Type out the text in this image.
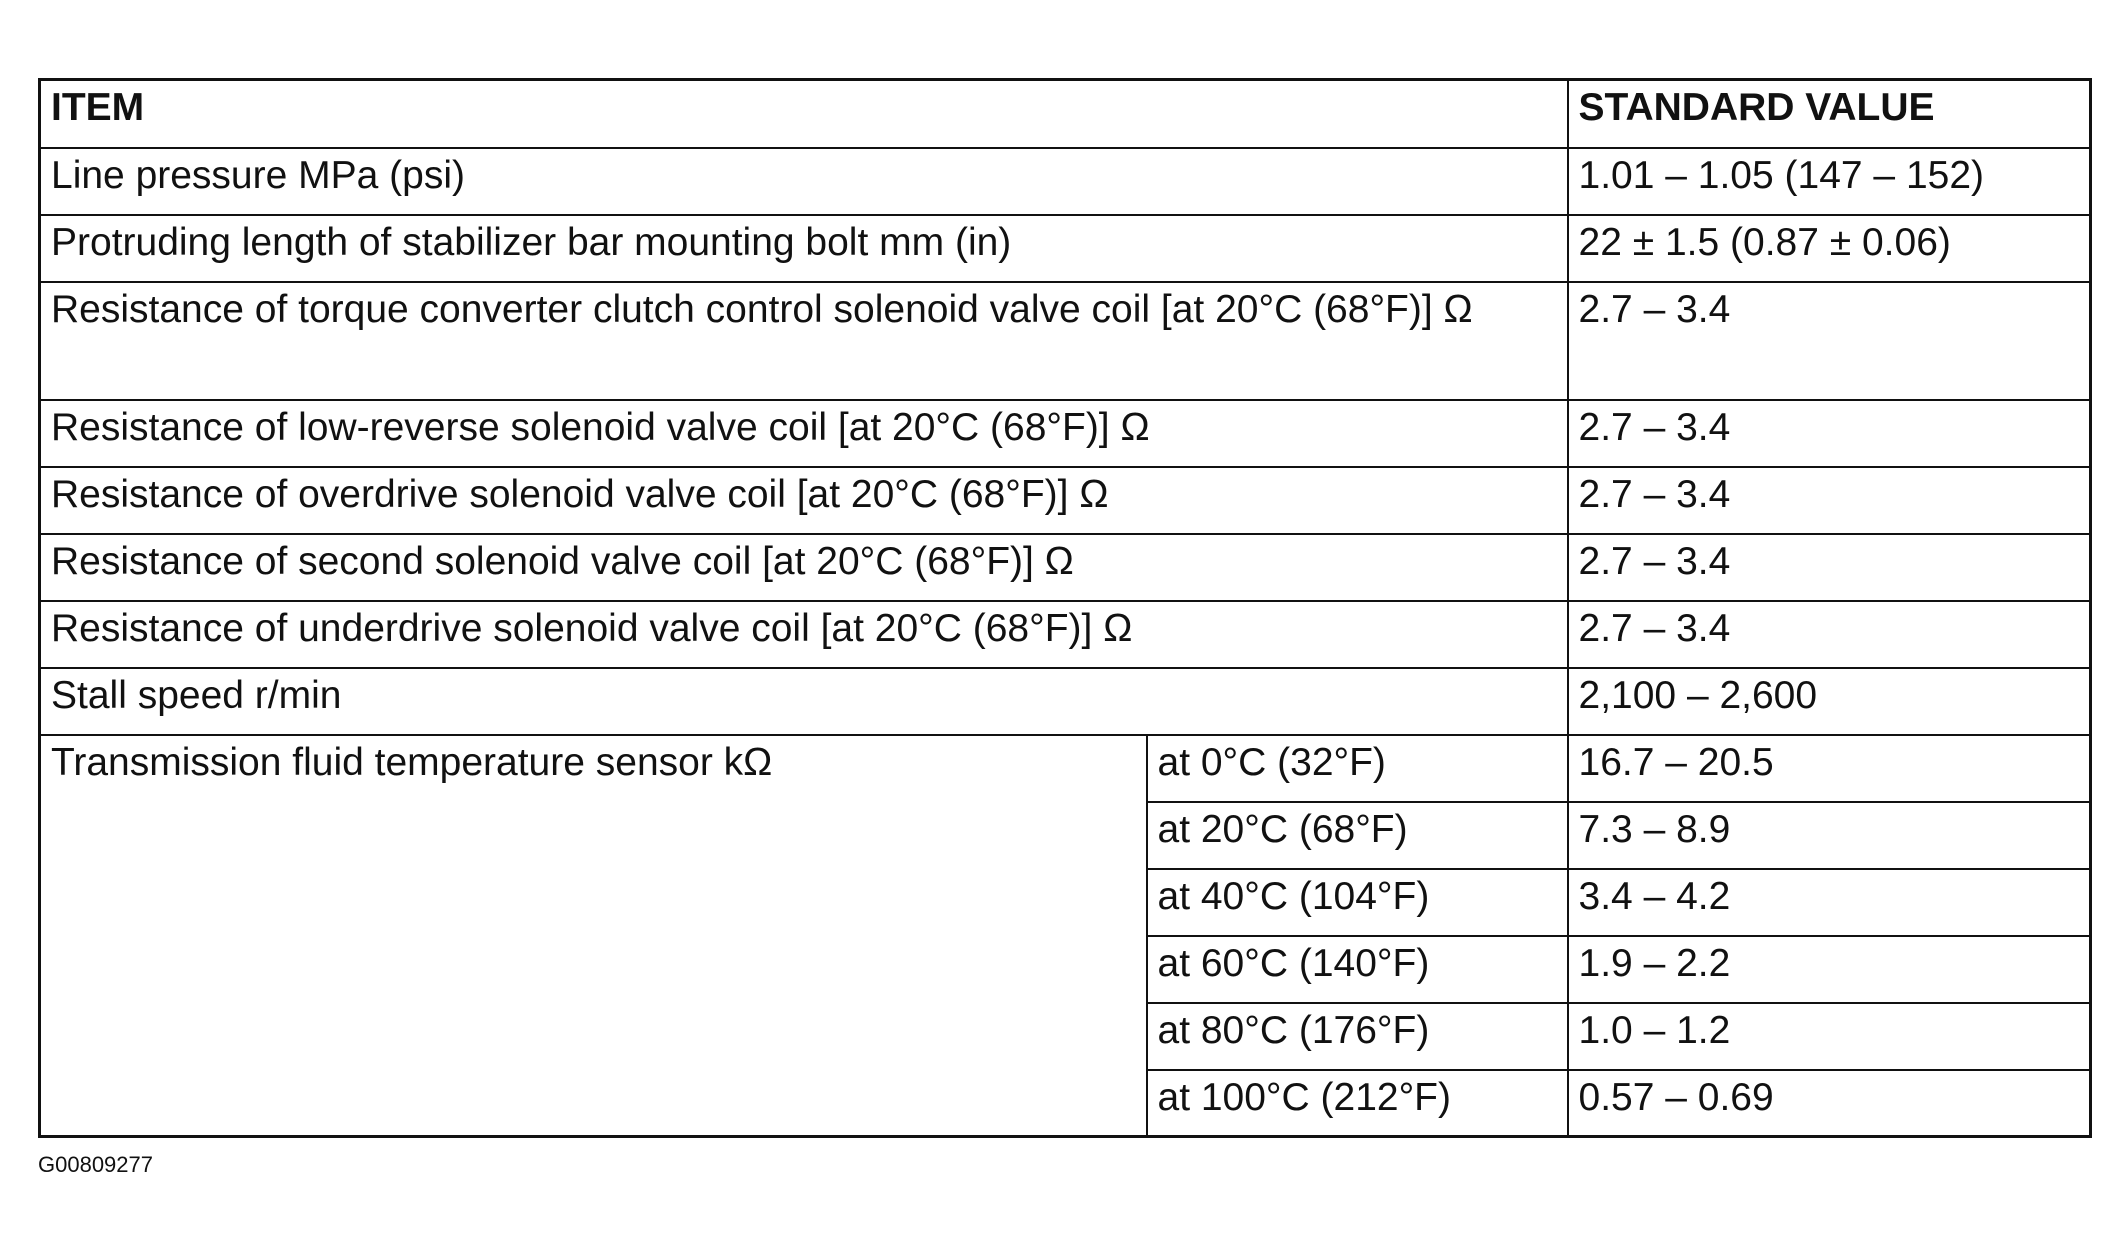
ITEM		STANDARD VALUE
Line pressure MPa (psi)		1.01 – 1.05 (147 – 152)
Protruding length of stabilizer bar mounting bolt mm (in)		22 ± 1.5 (0.87 ± 0.06)
Resistance of torque converter clutch control solenoid valve coil [at 20°C (68°F)] Ω		2.7 – 3.4
Resistance of low-reverse solenoid valve coil [at 20°C (68°F)] Ω		2.7 – 3.4
Resistance of overdrive solenoid valve coil [at 20°C (68°F)] Ω		2.7 – 3.4
Resistance of second solenoid valve coil [at 20°C (68°F)] Ω		2.7 – 3.4
Resistance of underdrive solenoid valve coil [at 20°C (68°F)] Ω		2.7 – 3.4
Stall speed r/min		2,100 – 2,600
Transmission fluid temperature sensor kΩ	at 0°C (32°F)	16.7 – 20.5
	at 20°C (68°F)	7.3 – 8.9
	at 40°C (104°F)	3.4 – 4.2
	at 60°C (140°F)	1.9 – 2.2
	at 80°C (176°F)	1.0 – 1.2
	at 100°C (212°F)	0.57 – 0.69
G00809277
